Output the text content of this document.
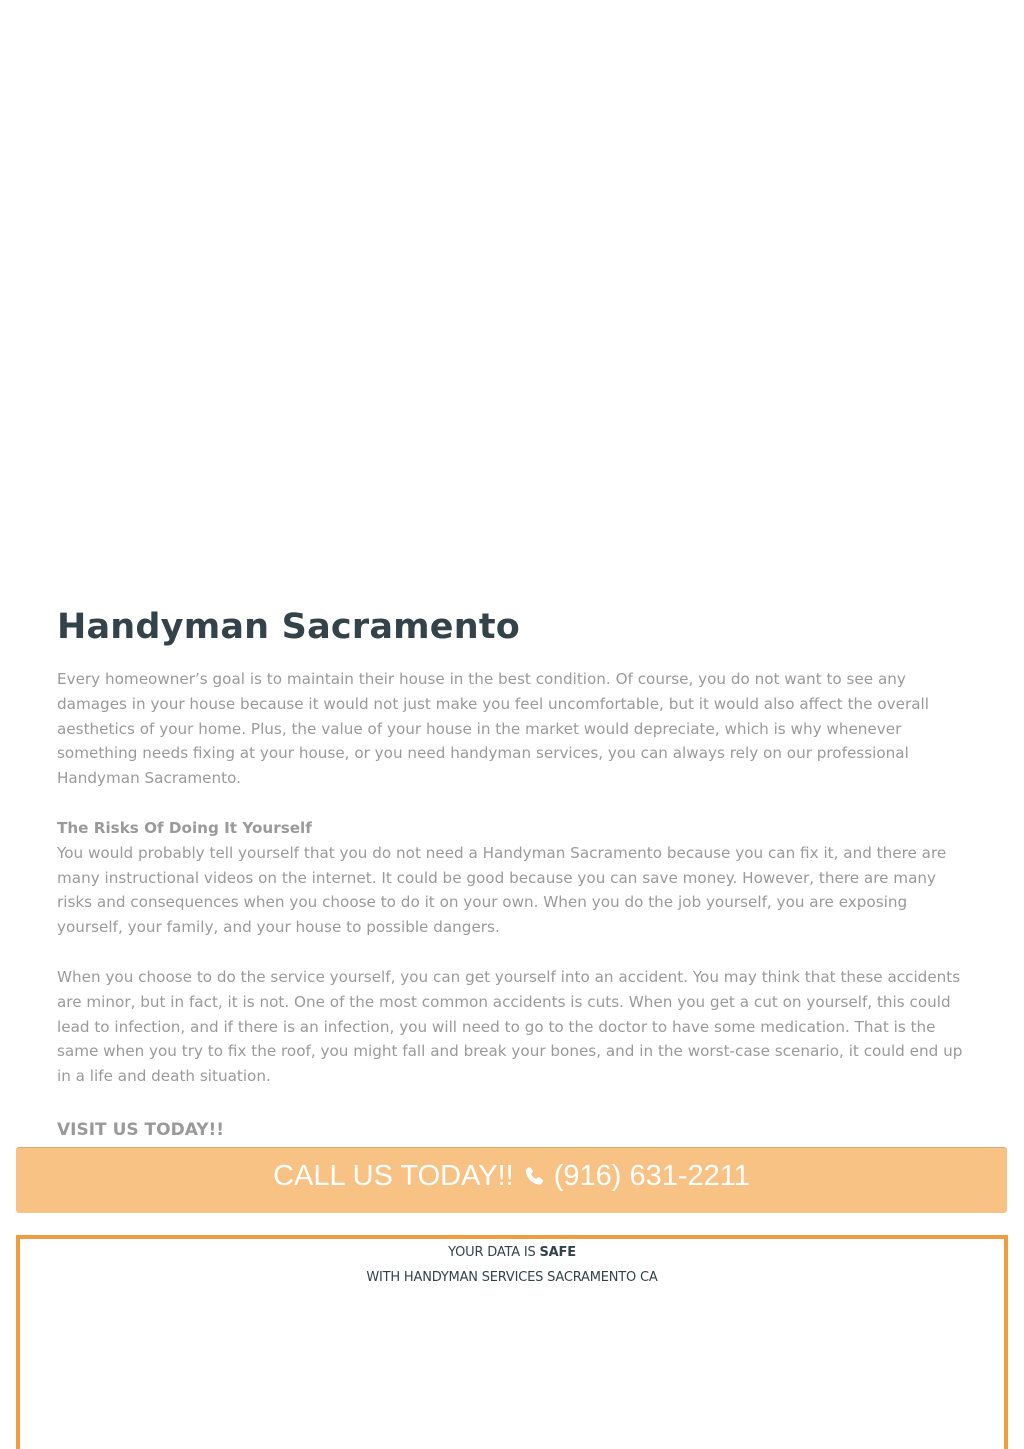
Handyman Sacramento

Every homeowner’s goal is to maintain their house in the best condition. Of course, you do not want to see any damages in your house because it would not just make you feel uncomfortable, but it would also affect the overall aesthetics of your home. Plus, the value of your house in the market would depreciate, which is why whenever something needs fixing at your house, or you need handyman services, you can always rely on our professional Handyman Sacramento.

The Risks Of Doing It Yourself

You would probably tell yourself that you do not need a Handyman Sacramento because you can fix it, and there are many instructional videos on the internet. It could be good because you can save money. However, there are many risks and consequences when you choose to do it on your own. When you do the job yourself, you are exposing yourself, your family, and your house to possible dangers.

When you choose to do the service yourself, you can get yourself into an accident. You may think that these accidents are minor, but in fact, it is not. One of the most common accidents is cuts. When you get a cut on yourself, this could lead to infection, and if there is an infection, you will need to go to the doctor to have some medication. That is the same when you try to fix the roof, you might fall and break your bones, and in the worst-case scenario, it could end up in a life and death situation.

VISIT US TODAY!!
CALL US TODAY!! (916) 631-2211
YOUR DATA IS SAFE
WITH HANDYMAN SERVICES SACRAMENTO CA
